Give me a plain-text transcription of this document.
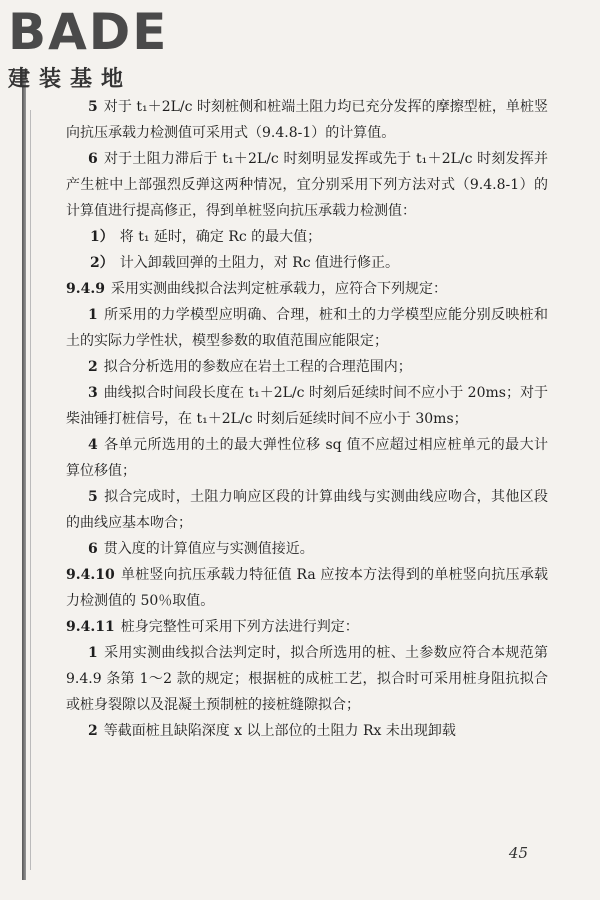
BADE
建装基地

5 对于 t₁＋2L/c 时刻桩侧和桩端土阻力均已充分发挥的摩擦型桩，单桩竖向抗压承载力检测值可采用式（9.4.8-1）的计算值。

6 对于土阻力滞后于 t₁＋2L/c 时刻明显发挥或先于 t₁＋2L/c 时刻发挥并产生桩中上部强烈反弹这两种情况，宜分别采用下列方法对式（9.4.8-1）的计算值进行提高修正，得到单桩竖向抗压承载力检测值：

1） 将 t₁ 延时，确定 Rc 的最大值；

2） 计入卸载回弹的土阻力，对 Rc 值进行修正。

9.4.9 采用实测曲线拟合法判定桩承载力，应符合下列规定：

1 所采用的力学模型应明确、合理，桩和土的力学模型应能分别反映桩和土的实际力学性状，模型参数的取值范围应能限定；

2 拟合分析选用的参数应在岩土工程的合理范围内；

3 曲线拟合时间段长度在 t₁＋2L/c 时刻后延续时间不应小于 20ms；对于柴油锤打桩信号，在 t₁＋2L/c 时刻后延续时间不应小于 30ms；

4 各单元所选用的土的最大弹性位移 sq 值不应超过相应桩单元的最大计算位移值；

5 拟合完成时，土阻力响应区段的计算曲线与实测曲线应吻合，其他区段的曲线应基本吻合；

6 贯入度的计算值应与实测值接近。

9.4.10 单桩竖向抗压承载力特征值 Ra 应按本方法得到的单桩竖向抗压承载力检测值的 50％取值。

9.4.11 桩身完整性可采用下列方法进行判定：

1 采用实测曲线拟合法判定时，拟合所选用的桩、土参数应符合本规范第 9.4.9 条第 1～2 款的规定；根据桩的成桩工艺，拟合时可采用桩身阻抗拟合或桩身裂隙以及混凝土预制桩的接桩缝隙拟合；

2 等截面桩且缺陷深度 x 以上部位的土阻力 Rx 未出现卸载

45
